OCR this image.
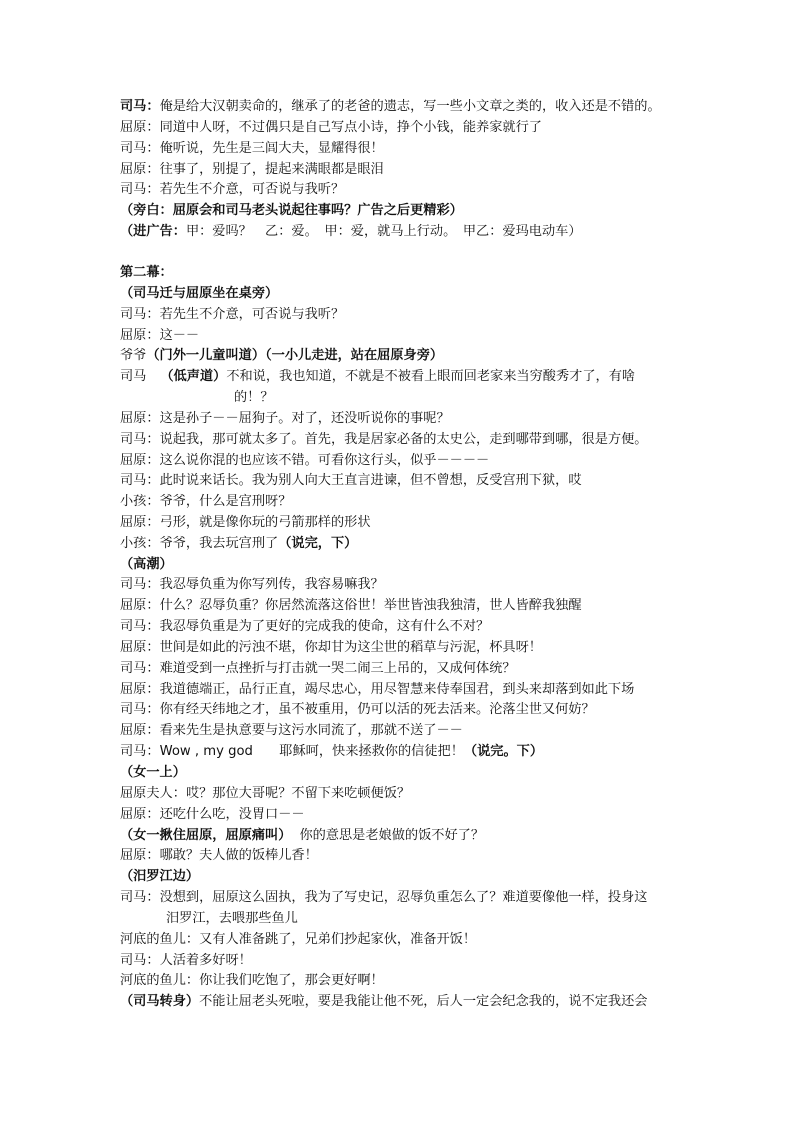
司马：俺是给大汉朝卖命的，继承了的老爸的遗志，写一些小文章之类的，收入还是不错的。
屈原：同道中人呀，不过偶只是自己写点小诗，挣个小钱，能养家就行了
司马：俺听说，先生是三闾大夫，显耀得很！
屈原：往事了，别提了，提起来满眼都是眼泪
司马：若先生不介意，可否说与我听？
（旁白：屈原会和司马老头说起往事吗？广告之后更精彩）
（进广告：甲：爱吗？　乙：爱。　甲：爱，就马上行动。　甲乙：爱玛电动车）
第二幕：
（司马迁与屈原坐在桌旁）
司马：若先生不介意，可否说与我听？
屈原：这－－
爷爷（门外一儿童叫道）（一小儿走进，站在屈原身旁）
司马 （低声道）不和说，我也知道，不就是不被看上眼而回老家来当穷酸秀才了，有啥
的！？
屈原：这是孙子－－屈狗子。对了，还没听说你的事呢？
司马：说起我，那可就太多了。首先，我是居家必备的太史公，走到哪带到哪，很是方便。
屈原：这么说你混的也应该不错。可看你这行头，似乎－－－－
司马：此时说来话长。我为别人向大王直言进谏，但不曾想，反受宫刑下狱，哎
小孩：爷爷，什么是宫刑呀？
屈原：弓形，就是像你玩的弓箭那样的形状
小孩：爷爷，我去玩宫刑了（说完，下）
（高潮）
司马：我忍辱负重为你写列传，我容易嘛我？
屈原：什么？忍辱负重？你居然流落这俗世！举世皆浊我独清，世人皆醉我独醒
司马：我忍辱负重是为了更好的完成我的使命，这有什么不对？
屈原：世间是如此的污浊不堪，你却甘为这尘世的稻草与污泥，杯具呀！
司马：难道受到一点挫折与打击就一哭二闹三上吊的，又成何体统？
屈原：我道德端正，品行正直，竭尽忠心，用尽智慧来侍奉国君，到头来却落到如此下场
司马：你有经天纬地之才，虽不被重用，仍可以活的死去活来。沦落尘世又何妨？
屈原：看来先生是执意要与这污水同流了，那就不送了－－
司马：Wow , my god　　耶稣呵，快来拯救你的信徒把！（说完。下）
（女一上）
屈原夫人：哎？那位大哥呢？不留下来吃顿便饭？
屈原：还吃什么吃，没胃口－－
（女一揪住屈原，屈原痛叫） 你的意思是老娘做的饭不好了？
屈原：哪敢？夫人做的饭棒儿香！
（汨罗江边）
司马：没想到，屈原这么固执，我为了写史记，忍辱负重怎么了？难道要像他一样，投身这
汨罗江，去喂那些鱼儿
河底的鱼儿：又有人准备跳了，兄弟们抄起家伙，准备开饭！
司马：人活着多好呀！
河底的鱼儿：你让我们吃饱了，那会更好啊！
（司马转身）不能让屈老头死啦，要是我能让他不死，后人一定会纪念我的，说不定我还会
